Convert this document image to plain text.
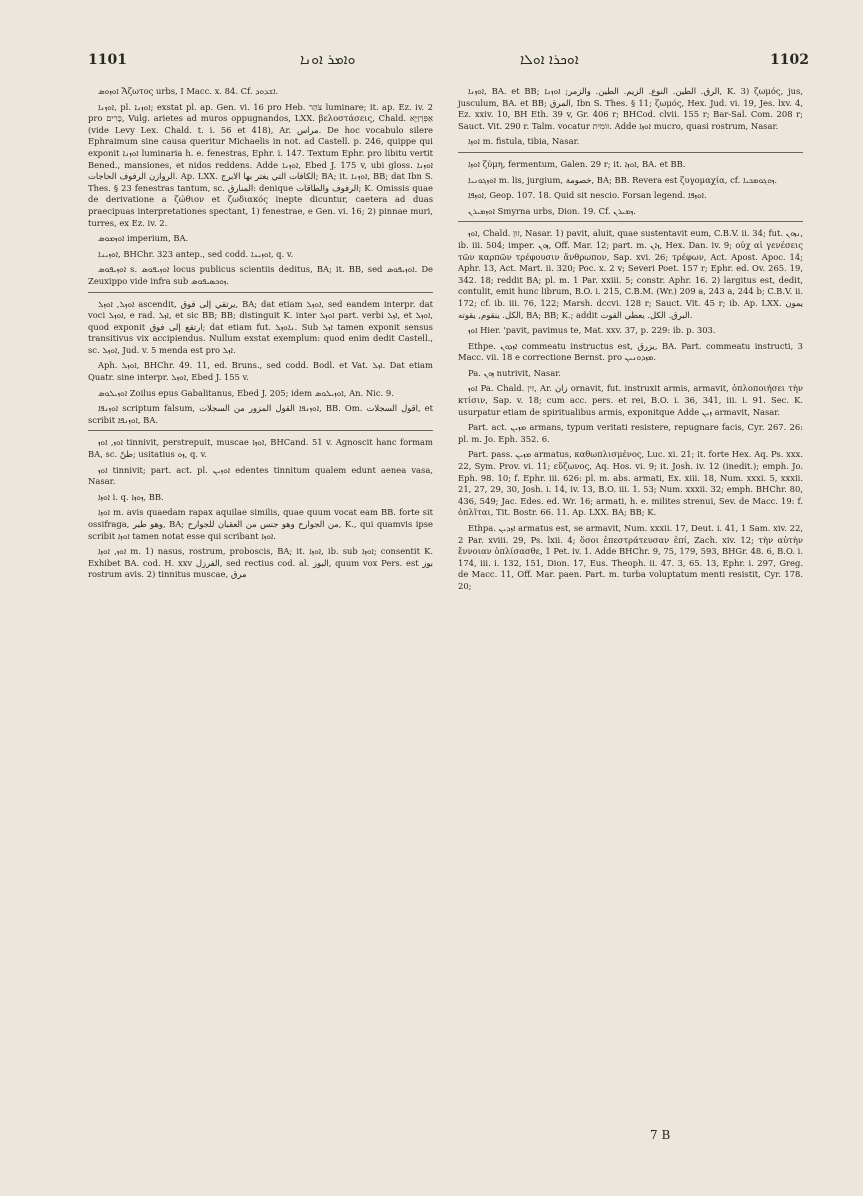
1101	ܘܐܡܪ ܐܘܢܐ	ܐܘܟܪܐ ܐܘܠܐ	1102

ܐܘܙܘܣ Ἄζωτος urbs, I Macc. x. 84. Cf. ܐܫܕܘܕ.

ܐܘܙܢܐ, pl. ܐܘܙܢܐ; exstat pl. ap. Gen. vi. 16 pro Heb. צֹהַר luminare; it. ap. Ez. iv. 2 pro כָּרִים, Vulg. arietes ad muros oppugnandos, LXX. βελοστάσεις, Chald. אַפְּרְזַיָּא (vide Levy Lex. Chald. t. i. 56 et 418), Ar. مراس. De hoc vocabulo silere Ephraimum sine causa queritur Michaelis in not. ad Castell. p. 246, quippe qui exponit ܐܘܙܢܐ luminaria h. e. fenestras, Ephr. i. 147. Textum Ephr. pro libitu vertit Bened., mansiones, et nidos reddens. Adde ܐܘܙܢܐ, Ebed J. 175 v, ubi gloss. ܐܘܙܢܐ الروازن الرفوف الحاجات. Ap. LXX. الكافات التي يغتر بها الابرج; BA; it. ܐܘܙܢܐ, BB; dat Ibn S. Thes. § 23 fenestras tantum, sc. المنارق: denique الرفوف والطاقات; K. Omissis quae de derivatione a ζώθιον et ζωδιακός inepte dicuntur, caetera ad duas praecipuas interpretationes spectant, 1) fenestrae, e Gen. vi. 16; 2) pinnae muri, turres, ex Ez. iv. 2.

ܐܘܙܡܘܣ imperium, BA.

ܐܘܙܝܢܐ, BHChr. 323 antep., sed codd. ܐܘܙܝܢܐ, q. v.

ܐܘܙܝܦܘܣ s. ܐܘܙܝܦܘܣ locus publicus scientiis deditus, BA; it. BB, sed ܐܘܙܝܦܘܣ. De Zeuxippo vide infra sub ܙܘܟܣܝܦܘܣ.

ܐܘܙܠ, ܐܘܙܠ ascendit, يرتقي إلى فوق, BA; dat etiam ܐܘܙܠ, sed eandem interpr. dat voci ܐܘܙܠ, e rad. ܐܙܠ, et sic BB; BB; distinguit K. inter ܐܘܙܠ part. verbi ܐܙܠ, et ܐܘܙܠ, quod exponit ارتقع إلى فوق; dat etiam fut. ܢܐܘܙܠ. Sub ܐܙܠ tamen exponit sensus transitivus vix accipiendus. Nullum exstat exemplum: quod enim dedit Castell., sc. ܐܘܙܠ, Jud. v. 5 menda est pro ܐܙܠ.

Aph. ܐܘܙܠ, BHChr. 49. 11, ed. Bruns., sed codd. Bodl. et Vat. ܐܙܠ. Dat etiam Quatr. sine interpr. ܐܘܙܠ, Ebed J. 155 v.

ܐܘܙܝܠܘܣ Zoilus epus Gabalitanus, Ebed J. 205; idem ܐܘܙܝܠܘܣ, An. Nic. 9.

ܐܘܙܢܦܐ scriptum falsum, ܐܘܙܢܦܐ القول المزور من السجلات, BB. Om. اقول السجلات, et scribit ܐܘܙܢܦܐ, BA.

ܐܘܙ, ܐܘܙ tinnivit, perstrepuit, muscae ܐܘܙܐ, BHCand. 51 v. Agnoscit hanc formam BA, sc. طنّ; usitatius ܙܘ, q. v.

ܐܘܙ tinnivit; part. act. pl. ܐܘܙܝܢ edentes tinnitum qualem edunt aenea vasa, Nasar.

ܐܘܙܐ i. q. ܙܘܙܐ, BB.

ܐܘܙܐ m. avis quaedam rapax aquilae similis, quae quum vocat eam BB. forte sit ossifraga, وهو طير, BA; من الجوارح وهو جنس من العقبان للجوارح, K., qui quamvis ipse scribit ܐܘܙܐ tamen notat esse qui scribant ܐܘܙܐ.

ܐܘܙ, ܐܘܙܐ m. 1) nasus, rostrum, proboscis, BA; it. ܐܘܙܐ, ib. sub ܐܘܙܐ; consentit K. Exhibet BA. cod. H. xxv الفرزل, sed rectius cod. al. البوز, quum vox Pers. est بوز rostrum avis. 2) tinnitus muscae, مرق

ܐܘܙܢܐ, BA. et BB; الرق. الطين. النوع. الزيم. الطين. والزمر; ܐܘܙܢܐ, K. 3) ζωμός, jus, jusculum, BA. et BB; المرق, Ibn S. Thes. § 11; ζωμός, Hex. Jud. vi. 19, Jes. lxv. 4, Ez. xxiv. 10, BH Eth. 39 v, Gr. 406 r; BHCod. clvii. 155 r; Bar-Sal. Com. 208 r; Sauct. Vit. 290 r. Talm. vocatur זוֹמִית. Adde ܐܘܙܐ mucro, quasi rostrum, Nasar.

ܐܘܙܐ m. fistula, tibia, Nasar.

ܐܘܙܐ ζύμη, fermentum, Galen. 29 r; it. ܐܘܙܐ, BA. et BB.

ܐܘܙܓܘܢܝܐ m. lis, jurgium, خصومة, BA; BB. Revera est ζυγομαχία, cf. ܙܘܓܘܡܟܝܐ.

ܐܘܙܦܐ, Geop. 107. 18. Quid sit nescio. Forsan legend. ܐܘܙܦܐ.

ܐܘܙܡܝܪܢ Smyrna urbs, Dion. 19. Cf. ܙܡܝܪܢ.

ܐܘܙ, Chald. זוּן, Nasar. 1) pavit, aluit, quae sustentavit eum, C.B.V. ii. 34; fut. ܢܙܘܢ, ib. iii. 504; imper. ܙܘܢ, Off. Mar. 12; part. m. ܙܐܢ, Hex. Dan. iv. 9; οὐχ αἱ γενέσεις τῶν καρπῶν τρέφουσιν ἄνθρωπον, Sap. xvi. 26; τρέφων, Act. Apost. Apoc. 14; Aphr. 13, Act. Mart. ii. 320; Poc. x. 2 v; Severi Poet. 157 r; Ephr. ed. Ov. 265. 19, 342. 18; reddit BA; pl. m. 1 Par. xxiii. 5; constr. Aphr. 16. 2) largitus est, dedit, contulit, emit hunc librum, B.O. i. 215, C.B.M. (Wr.) 209 a, 243 a, 244 b; C.B.V. ii. 172; cf. ib. iii. 76, 122; Marsh. dccvi. 128 r; Sauct. Vit. 45 r; ib. Ap. LXX. يمون الكل. ينقوم, يقوته, BA; BB; K.; addit البرق. الكل. يعطي القوت.

ܐܘܙ Hier. 'pavit, pavimus te, Mat. xxv. 37, p. 229: ib. p. 303.

Ethpe. ܐܙܕܘܢ commeatu instructus est, يزرق, BA. Part. commeatu instructi, 3 Macc. vii. 18 e correctione Bernst. pro ܡܙܕܘܢܝܢ.

Pa. ܙܘܢ nutrivit, Nasar.

ܐܘܙ Pa. Chald. זין, Ar. زان ornavit, fut. instruxit armis, armavit, ὁπλοποιήσει τὴν κτίσιν, Sap. v. 18; cum acc. pers. et rei, B.O. i. 36, 341, iii. i. 91. Sec. K. usurpatur etiam de spiritualibus armis, exponitque Adde ܙܝܢ armavit, Nasar.

Part. act. ܡܙܝܢ armans, typum veritati resistere, repugnare facis, Cyr. 267. 26: pl. m. Jo. Eph. 352. 6.

Part. pass. ܡܙܝܢ armatus, καθωπλισμένος, Luc. xi. 21; it. forte Hex. Aq. Ps. xxx. 22, Sym. Prov. vi. 11; εὔζωνος, Aq. Hos. vi. 9; it. Josh. iv. 12 (inedit.); emph. Jo. Eph. 98. 10; f. Ephr. iii. 626: pl. m. abs. armati, Ex. xiii. 18, Num. xxxi. 5, xxxii. 21, 27, 29, 30, Josh. i. 14, iv. 13, B.O. iii. 1. 53; Num. xxxii. 32; emph. BHChr. 80, 436, 549; Jac. Edes. ed. Wr. 16; armati, h. e. milites strenui, Sev. de Macc. 19: f. ὁπλῖται, Tit. Bostr. 66. 11. Ap. LXX. BA; BB; K.

Ethpa. ܐܙܕܝܢ armatus est, se armavit, Num. xxxii. 17, Deut. i. 41, 1 Sam. xiv. 22, 2 Par. xviii. 29, Ps. lxii. 4; ὅσοι ἐπεστράτευσαν ἐπί, Zach. xiv. 12; τὴν αὐτὴν ἔννοιαν ὁπλίσασθε, 1 Pet. iv. 1. Adde BHChr. 9, 75, 179, 593, BHGr. 48. 6, B.O. i. 174, iii. i. 132, 151, Dion. 17, Eus. Theoph. ii. 47. 3, 65. 13, Ephr. i. 297, Greg. de Macc. 11, Off. Mar. paen. Part. m. turba voluptatum menti resistit, Cyr. 178. 20;

7 B
